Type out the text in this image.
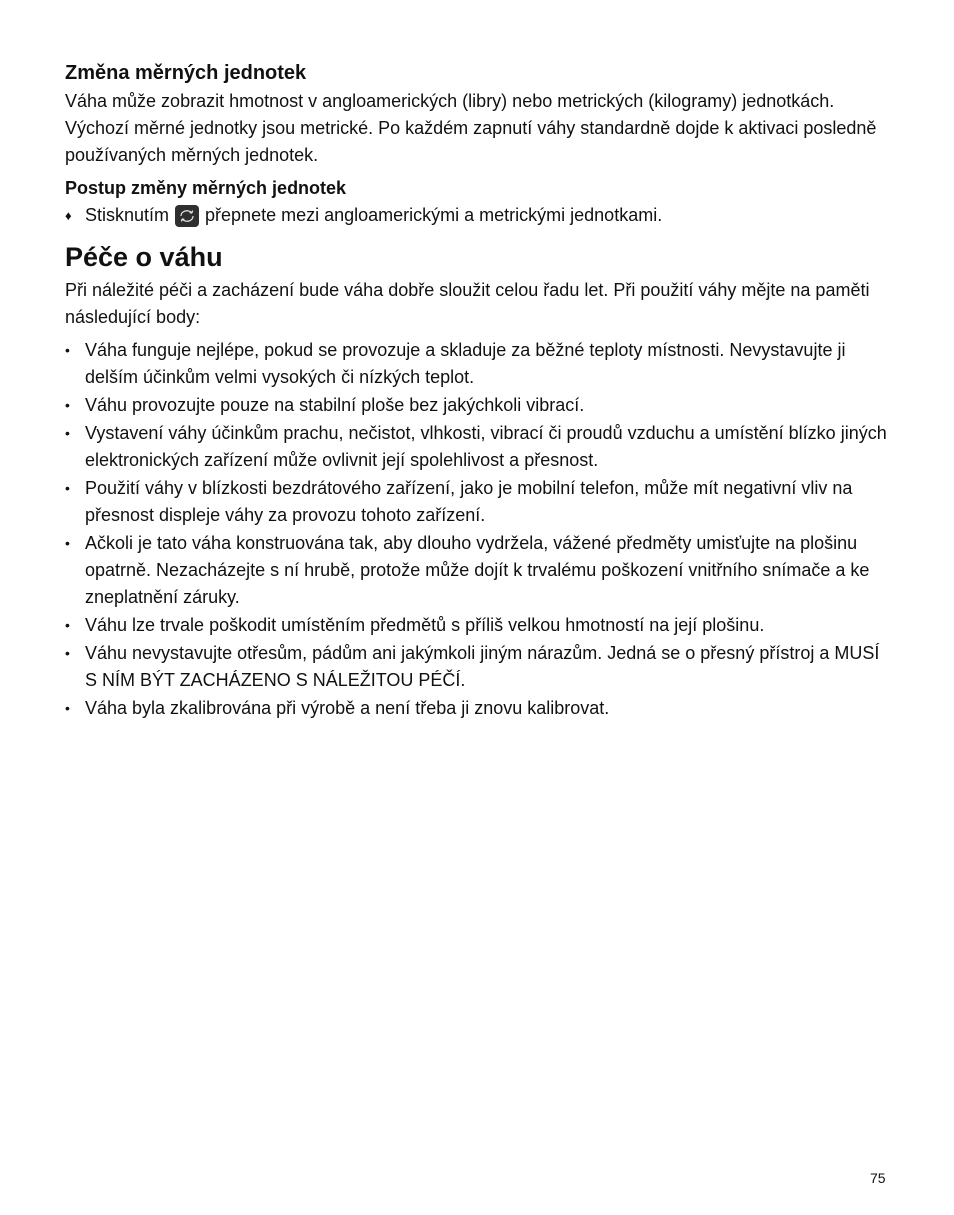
Změna měrných jednotek

Váha může zobrazit hmotnost v angloamerických (libry) nebo metrických (kilogramy) jednotkách. Výchozí měrné jednotky jsou metrické. Po každém zapnutí váhy standardně dojde k aktivaci posledně používaných měrných jednotek.

Postup změny měrných jednotek
♦ Stisknutím přepnete mezi angloamerickými a metrickými jednotkami.
Péče o váhu

Při náležité péči a zacházení bude váha dobře sloužit celou řadu let. Při použití váhy mějte na paměti následující body:

• Váha funguje nejlépe, pokud se provozuje a skladuje za běžné teploty místnosti. Nevystavujte ji delším účinkům velmi vysokých či nízkých teplot.
• Váhu provozujte pouze na stabilní ploše bez jakýchkoli vibrací.
• Vystavení váhy účinkům prachu, nečistot, vlhkosti, vibrací či proudů vzduchu a umístění blízko jiných elektronických zařízení může ovlivnit její spolehlivost a přesnost.
• Použití váhy v blízkosti bezdrátového zařízení, jako je mobilní telefon, může mít negativní vliv na přesnost displeje váhy za provozu tohoto zařízení.
• Ačkoli je tato váha konstruována tak, aby dlouho vydržela, vážené předměty umisťujte na plošinu opatrně. Nezacházejte s ní hrubě, protože může dojít k trvalému poškození vnitřního snímače a ke zneplatnění záruky.
• Váhu lze trvale poškodit umístěním předmětů s příliš velkou hmotností na její plošinu.
• Váhu nevystavujte otřesům, pádům ani jakýmkoli jiným nárazům. Jedná se o přesný přístroj a MUSÍ S NÍM BÝT ZACHÁZENO S NÁLEŽITOU PÉČÍ.
• Váha byla zkalibrována při výrobě a není třeba ji znovu kalibrovat.
75
